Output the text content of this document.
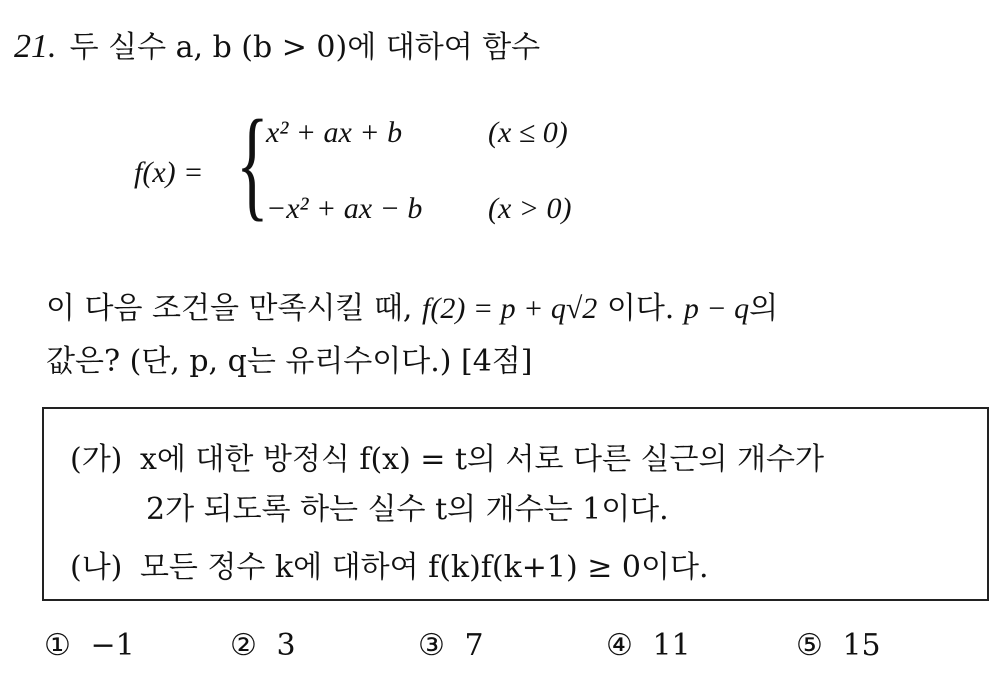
21. 두 실수 a, b (b > 0)에 대하여 함수
f(x) = {
x² + ax + b	(x ≤ 0)
−x² + ax − b (x > 0)
이 다음 조건을 만족시킬 때, f(2) = p + q√2 이다. p − q의
값은? (단, p, q는 유리수이다.) [4점]
(가) x에 대한 방정식 f(x) = t의 서로 다른 실근의 개수가
2가 되도록 하는 실수 t의 개수는 1이다.
(나) 모든 정수 k에 대하여 f(k)f(k+1) ≥ 0이다.
① −1	② 3	③ 7	④ 11	⑤ 15
